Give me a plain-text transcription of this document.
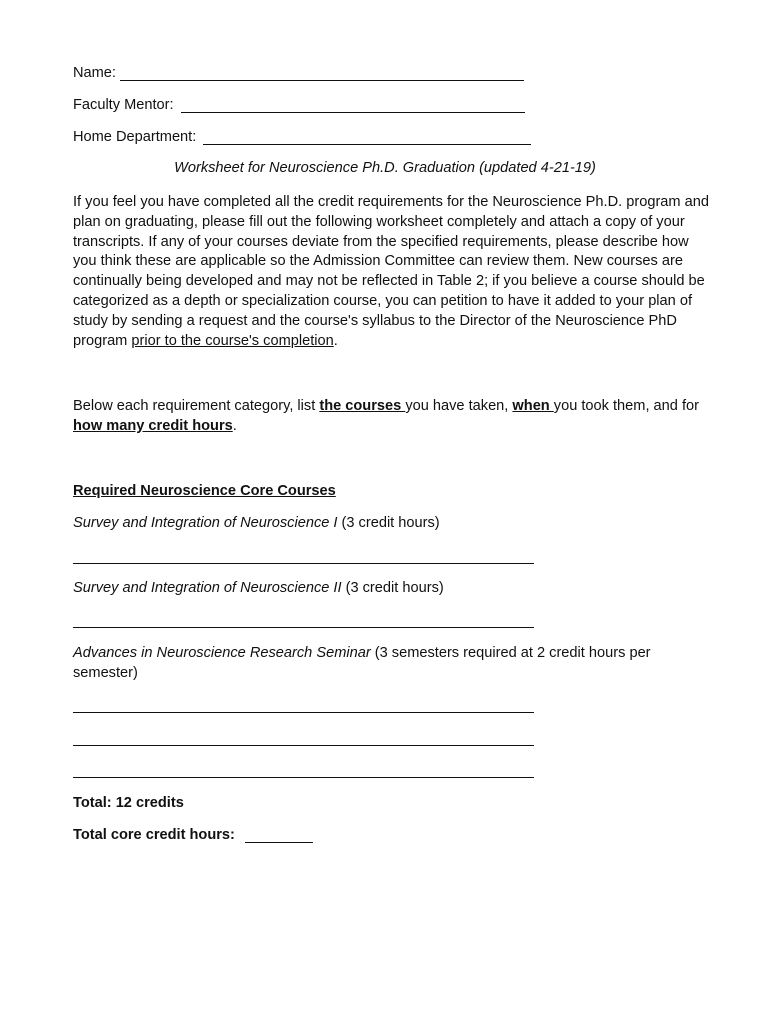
Name:
Faculty Mentor:
Home Department:
Worksheet for Neuroscience Ph.D. Graduation (updated 4-21-19)
If you feel you have completed all the credit requirements for the Neuroscience Ph.D. program and plan on graduating, please fill out the following worksheet completely and attach a copy of your transcripts. If any of your courses deviate from the specified requirements, please describe how you think these are applicable so the Admission Committee can review them. New courses are continually being developed and may not be reflected in Table 2; if you believe a course should be categorized as a depth or specialization course, you can petition to have it added to your plan of study by sending a request and the course's syllabus to the Director of the Neuroscience PhD program prior to the course's completion.
Below each requirement category, list the courses you have taken, when you took them, and for how many credit hours.
Required Neuroscience Core Courses
Survey and Integration of Neuroscience I (3 credit hours)
Survey and Integration of Neuroscience II (3 credit hours)
Advances in Neuroscience Research Seminar (3 semesters required at 2 credit hours per semester)
Total: 12 credits
Total core credit hours:
